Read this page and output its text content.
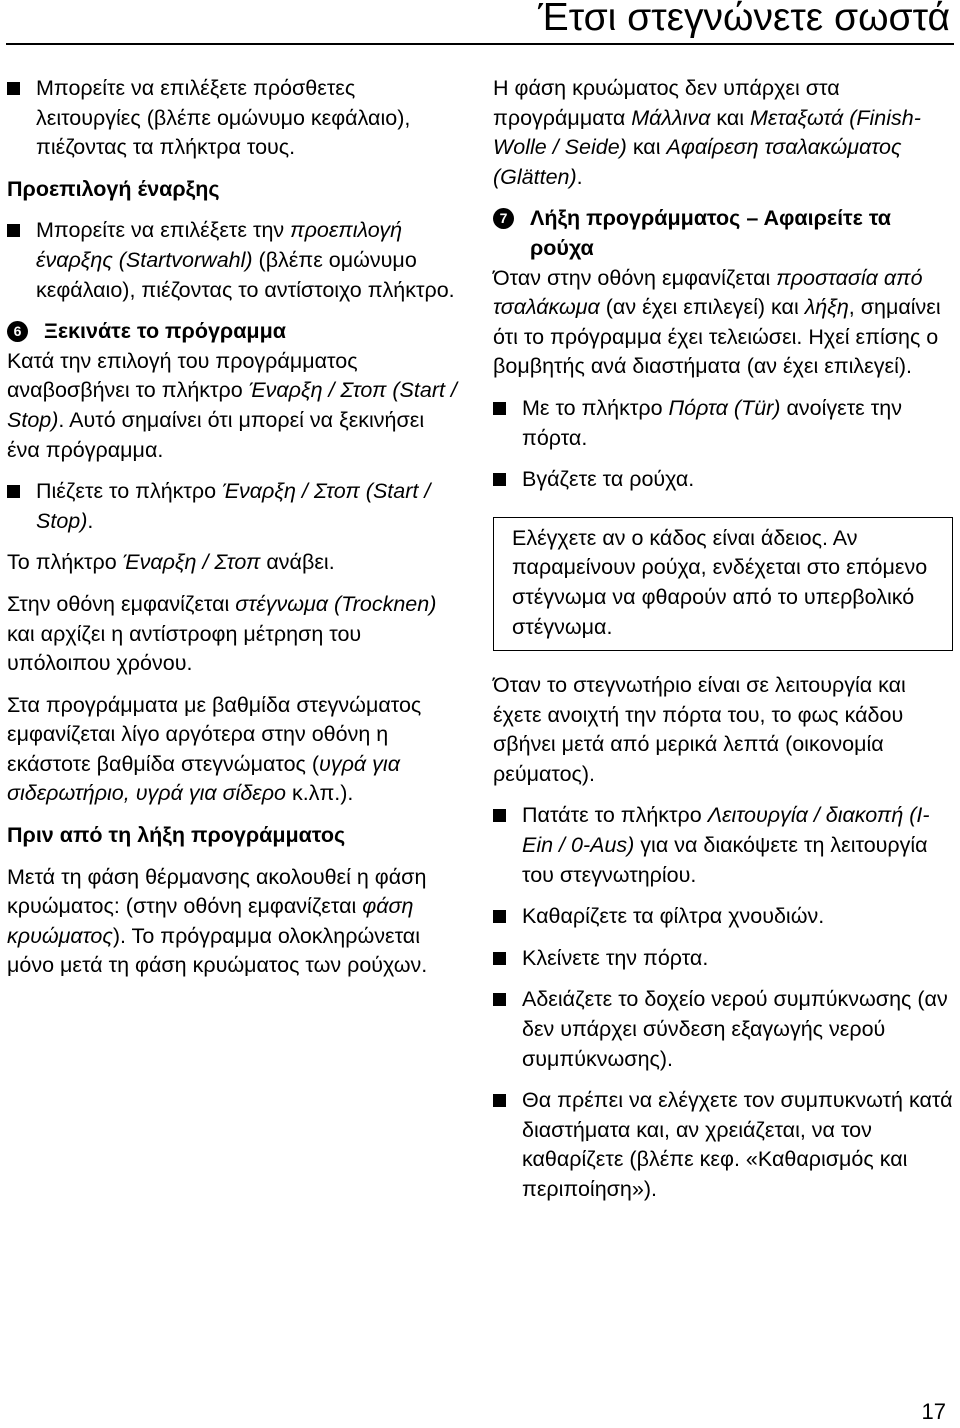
Έτσι στεγνώνετε σωστά
Μπορείτε να επιλέξετε πρόσθετες λειτουργίες (βλέπε ομώνυμο κεφάλαιο), πιέζοντας τα πλήκτρα τους.
Προεπιλογή έναρξης
Μπορείτε να επιλέξετε την προεπιλογή έναρξης (Startvorwahl) (βλέπε ομώνυμο κεφάλαιο), πιέζοντας το αντίστοιχο πλήκτρο.
6	Ξεκινάτε το πρόγραμμα

Κατά την επιλογή του προγράμματος αναβοσβήνει το πλήκτρο Έναρξη / Στοπ (Start / Stop). Αυτό σημαίνει ότι μπορεί να ξεκινήσει ένα πρόγραμμα.

Πιέζετε το πλήκτρο Έναρξη / Στοπ (Start / Stop).

Το πλήκτρο Έναρξη / Στοπ ανάβει.

Στην οθόνη εμφανίζεται στέγνωμα (Trocknen) και αρχίζει η αντίστροφη μέτρηση του υπόλοιπου χρόνου.

Στα προγράμματα με βαθμίδα στεγνώματος εμφανίζεται λίγο αργότερα στην οθόνη η εκάστοτε βαθμίδα στεγνώματος (υγρά για σιδερωτήριο, υγρά για σίδερο κ.λπ.).

Πριν από τη λήξη προγράμματος

Μετά τη φάση θέρμανσης ακολουθεί η φάση κρυώματος: (στην οθόνη εμφανίζεται φάση κρυώματος). Το πρόγραμμα ολοκληρώνεται μόνο μετά τη φάση κρυώματος των ρούχων.

Η φάση κρυώματος δεν υπάρχει στα προγράμματα Μάλλινα και Μεταξωτά (Finish-Wolle / Seide) και Αφαίρεση τσαλακώματος (Glätten).

7	Λήξη προγράμματος – Αφαιρείτε τα ρούχα

Όταν στην οθόνη εμφανίζεται προστασία από τσαλάκωμα (αν έχει επιλεγεί) και λήξη, σημαίνει ότι το πρόγραμμα έχει τελειώσει. Ηχεί επίσης ο βομβητής ανά διαστήματα (αν έχει επιλεγεί).

Με το πλήκτρο Πόρτα (Tür) ανοίγετε την πόρτα.
Βγάζετε τα ρούχα.

Ελέγχετε αν ο κάδος είναι άδειος. Αν παραμείνουν ρούχα, ενδέχεται στο επόμενο στέγνωμα να φθαρούν από το υπερβολικό στέγνωμα.

Όταν το στεγνωτήριο είναι σε λειτουργία και έχετε ανοιχτή την πόρτα του, το φως κάδου σβήνει μετά από μερικά λεπτά (οικονομία ρεύματος).

Πατάτε το πλήκτρο Λειτουργία / διακοπή (I-Ein / 0-Aus) για να διακόψετε τη λειτουργία του στεγνωτηρίου.
Καθαρίζετε τα φίλτρα χνουδιών.
Κλείνετε την πόρτα.
Αδειάζετε το δοχείο νερού συμπύκνωσης (αν δεν υπάρχει σύνδεση εξαγωγής νερού συμπύκνωσης).
Θα πρέπει να ελέγχετε τον συμπυκνωτή κατά διαστήματα και, αν χρειάζεται, να τον καθαρίζετε (βλέπε κεφ. «Καθαρισμός και περιποίηση»).
17
